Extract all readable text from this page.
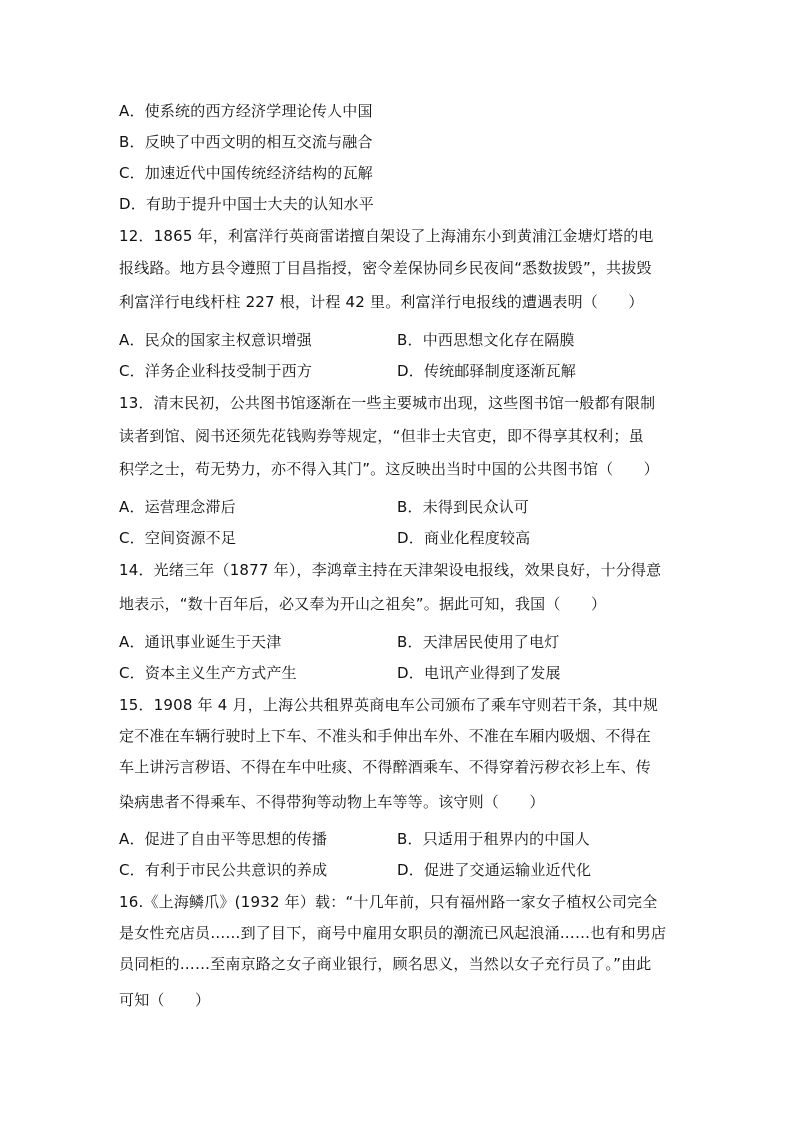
A．使系统的西方经济学理论传人中国
B．反映了中西文明的相互交流与融合
C．加速近代中国传统经济结构的瓦解
D．有助于提升中国士大夫的认知水平
12．1865 年，利富洋行英商雷诺擅自架设了上海浦东小到黄浦江金塘灯塔的电
报线路。地方县令遵照丁目昌指授，密令差保协同乡民夜间“悉数拔毁”，共拔毁
利富洋行电线杆柱 227 根，计程 42 里。利富洋行电报线的遭遇表明（　　）
A．民众的国家主权意识增强	B．中西思想文化存在隔膜
C．洋务企业科技受制于西方	D．传统邮驿制度逐渐瓦解
13．清末民初，公共图书馆逐渐在一些主要城市出现，这些图书馆一般都有限制
读者到馆、阅书还须先花钱购券等规定，“但非士夫官吏，即不得享其权利；虽
积学之士，苟无势力，亦不得入其门”。这反映出当时中国的公共图书馆（　　）
A．运营理念滞后	B．未得到民众认可
C．空间资源不足	D．商业化程度较高
14．光绪三年（1877 年），李鸿章主持在天津架设电报线，效果良好，十分得意
地表示，“数十百年后，必又奉为开山之祖矣”。据此可知，我国（　　）
A．通讯事业诞生于天津	B．天津居民使用了电灯
C．资本主义生产方式产生	D．电讯产业得到了发展
15．1908 年 4 月，上海公共租界英商电车公司颁布了乘车守则若干条，其中规
定不准在车辆行驶时上下车、不准头和手伸出车外、不准在车厢内吸烟、不得在
车上讲污言秽语、不得在车中吐痰、不得醉酒乘车、不得穿着污秽衣衫上车、传
染病患者不得乘车、不得带狗等动物上车等等。该守则（　　）
A．促进了自由平等思想的传播	B．只适用于租界内的中国人
C．有利于市民公共意识的养成	D．促进了交通运输业近代化
16.《上海鳞爪》(1932 年）载：“十几年前，只有福州路一家女子植权公司完全
是女性充店员……到了目下，商号中雇用女职员的潮流已风起浪涌……也有和男店
员同柜的……至南京路之女子商业银行，顾名思义，当然以女子充行员了。”由此
可知（　　）
